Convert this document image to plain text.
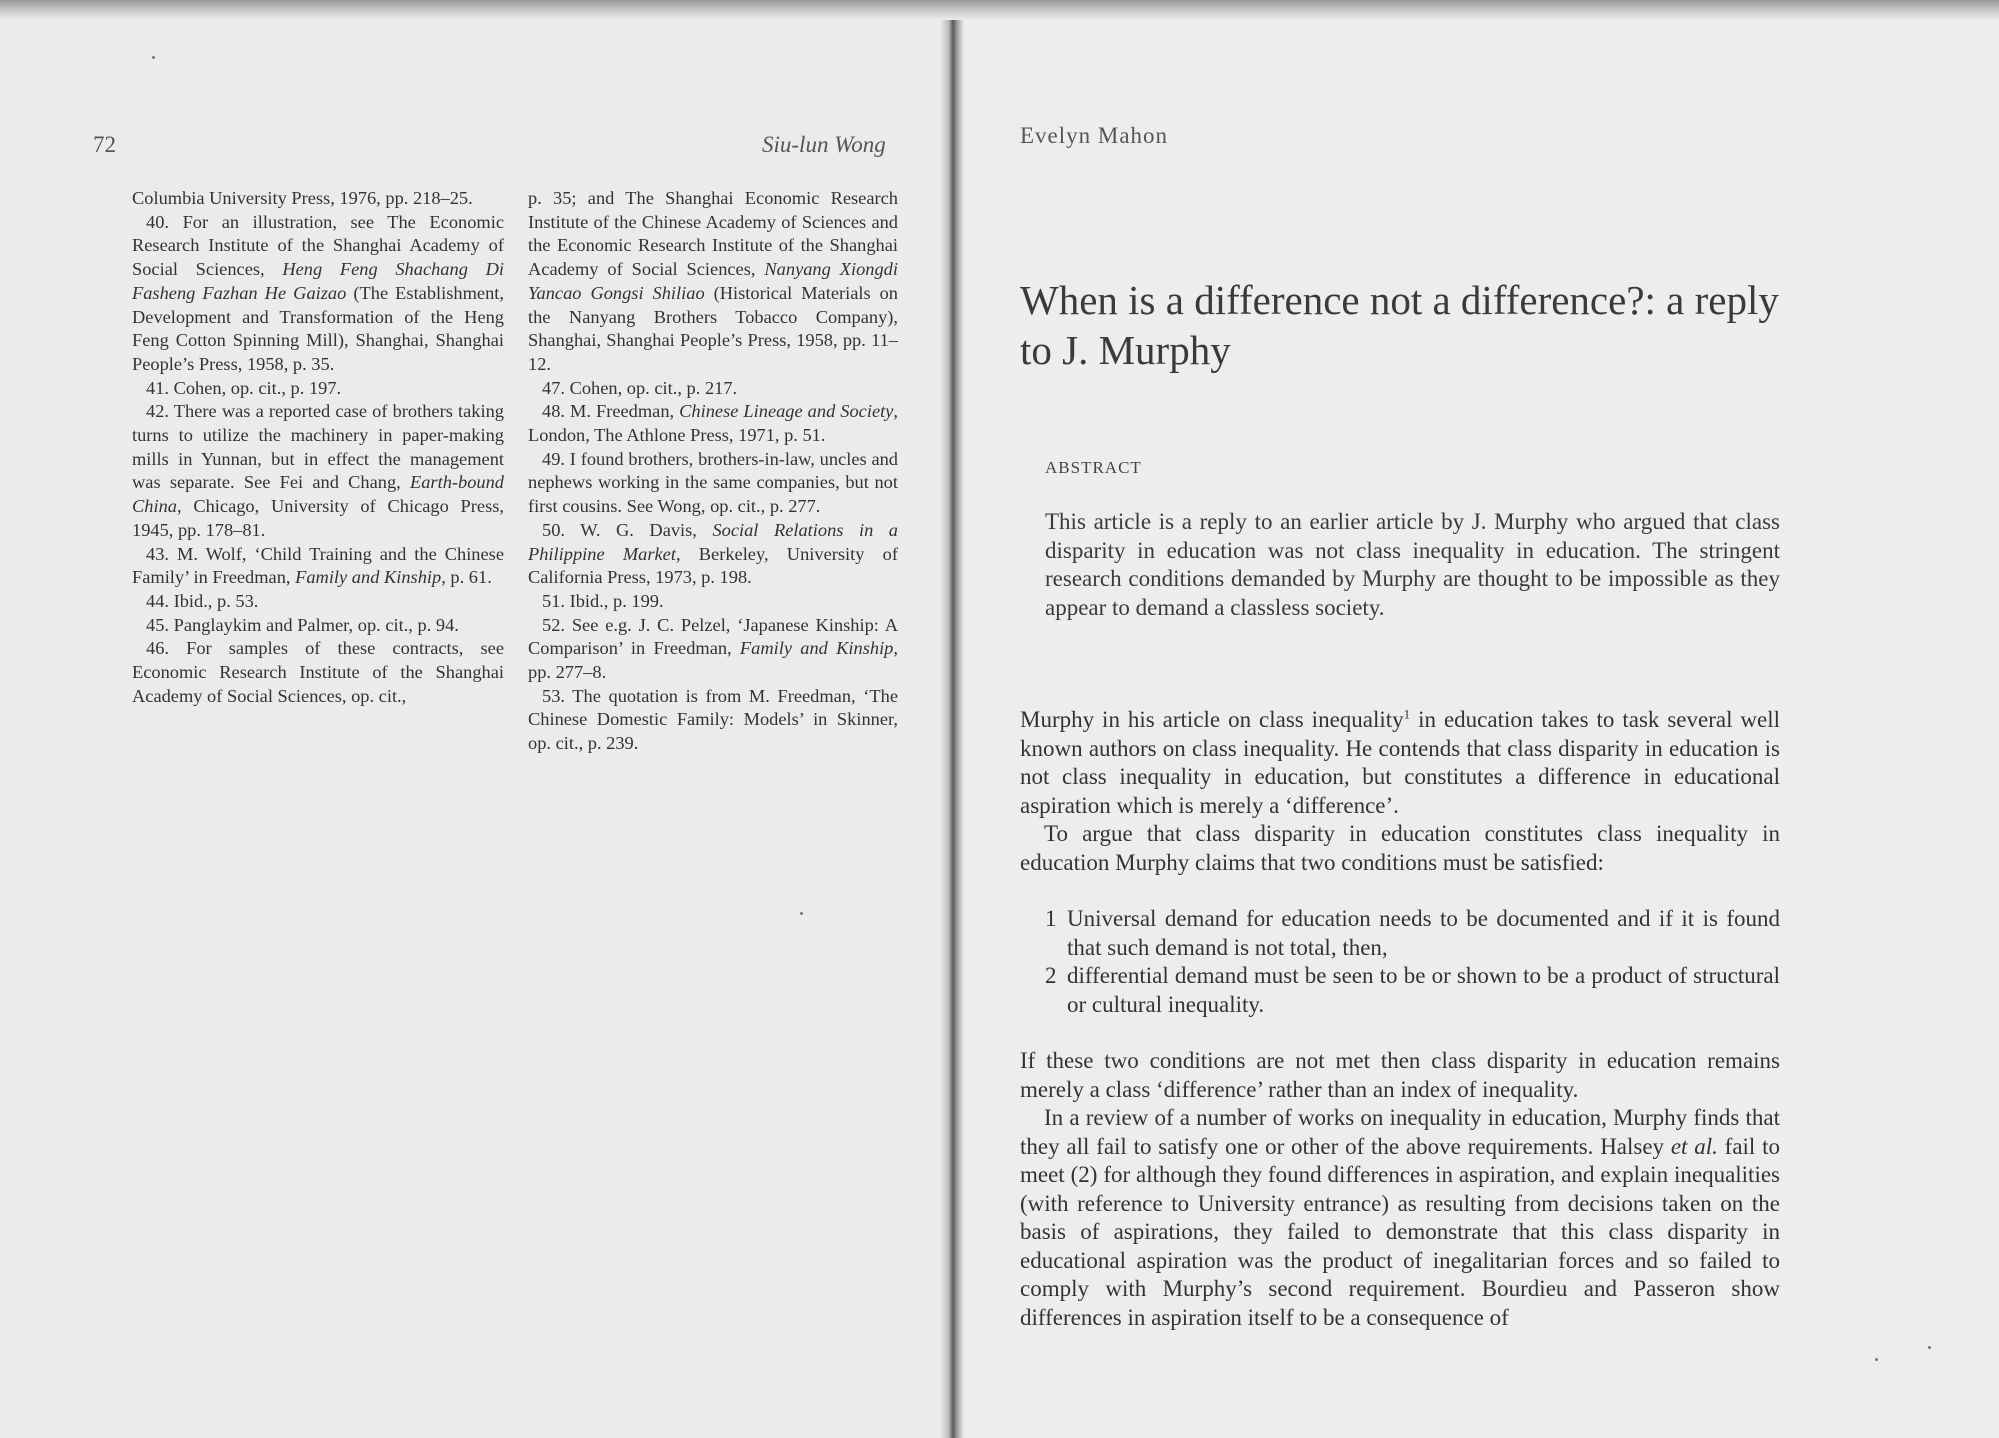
72	Siu-lun Wong

Columbia University Press, 1976, pp. 218–25.

40. For an illustration, see The Economic Research Institute of the Shanghai Academy of Social Sciences, Heng Feng Shachang Di Fasheng Fazhan He Gaizao (The Establishment, Development and Transformation of the Heng Feng Cotton Spinning Mill), Shanghai, Shanghai People’s Press, 1958, p. 35.

41. Cohen, op. cit., p. 197.

42. There was a reported case of brothers taking turns to utilize the machinery in paper-making mills in Yunnan, but in effect the management was separate. See Fei and Chang, Earth-bound China, Chicago, University of Chicago Press, 1945, pp. 178–81.

43. M. Wolf, ‘Child Training and the Chinese Family’ in Freedman, Family and Kinship, p. 61.

44. Ibid., p. 53.

45. Panglaykim and Palmer, op. cit., p. 94.

46. For samples of these contracts, see Economic Research Institute of the Shanghai Academy of Social Sciences, op. cit.,

p. 35; and The Shanghai Economic Research Institute of the Chinese Academy of Sciences and the Economic Research Institute of the Shanghai Academy of Social Sciences, Nanyang Xiongdi Yancao Gongsi Shiliao (Historical Materials on the Nanyang Brothers Tobacco Company), Shanghai, Shanghai People’s Press, 1958, pp. 11–12.

47. Cohen, op. cit., p. 217.

48. M. Freedman, Chinese Lineage and Society, London, The Athlone Press, 1971, p. 51.

49. I found brothers, brothers-in-law, uncles and nephews working in the same companies, but not first cousins. See Wong, op. cit., p. 277.

50. W. G. Davis, Social Relations in a Philippine Market, Berkeley, University of California Press, 1973, p. 198.

51. Ibid., p. 199.

52. See e.g. J. C. Pelzel, ‘Japanese Kinship: A Comparison’ in Freedman, Family and Kinship, pp. 277–8.

53. The quotation is from M. Freedman, ‘The Chinese Domestic Family: Models’ in Skinner, op. cit., p. 239.

Evelyn Mahon
When is a difference not a difference?: a reply to J. Murphy
ABSTRACT
This article is a reply to an earlier article by J. Murphy who argued that class disparity in education was not class inequality in education. The stringent research conditions demanded by Murphy are thought to be impossible as they appear to demand a classless society.

Murphy in his article on class inequality$^1$ in education takes to task several well known authors on class inequality. He contends that class disparity in education is not class inequality in education, but constitutes a difference in educational aspiration which is merely a ‘difference’.

To argue that class disparity in education constitutes class inequality in education Murphy claims that two conditions must be satisfied:

1 Universal demand for education needs to be documented and if it is found that such demand is not total, then,
2 differential demand must be seen to be or shown to be a product of structural or cultural inequality.

If these two conditions are not met then class disparity in education remains merely a class ‘difference’ rather than an index of inequality.

In a review of a number of works on inequality in education, Murphy finds that they all fail to satisfy one or other of the above requirements. Halsey et al. fail to meet (2) for although they found differences in aspiration, and explain inequalities (with reference to University entrance) as resulting from decisions taken on the basis of aspirations, they failed to demonstrate that this class disparity in educational aspiration was the product of inegalitarian forces and so failed to comply with Murphy’s second requirement. Bourdieu and Passeron show differences in aspiration itself to be a consequence of
